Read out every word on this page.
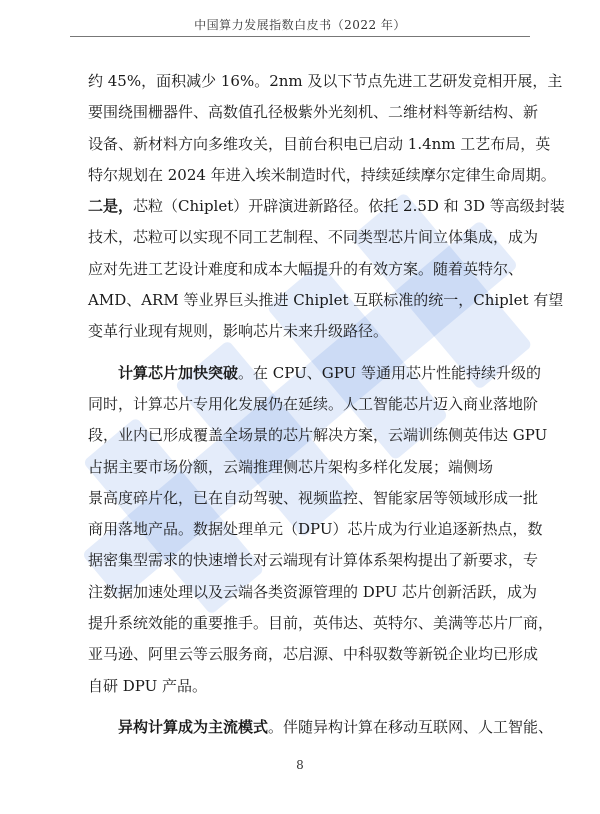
中国算力发展指数白皮书（2022 年）

约 45%，面积减少 16%。2nm 及以下节点先进工艺研发竞相开展，主
要围绕围栅器件、高数值孔径极紫外光刻机、二维材料等新结构、新
设备、新材料方向多维攻关，目前台积电已启动 1.4nm 工艺布局，英
特尔规划在 2024 年进入埃米制造时代，持续延续摩尔定律生命周期。

二是，芯粒（Chiplet）开辟演进新路径。依托 2.5D 和 3D 等高级封装
技术，芯粒可以实现不同工艺制程、不同类型芯片间立体集成，成为
应对先进工艺设计难度和成本大幅提升的有效方案。随着英特尔、
AMD、ARM 等业界巨头推进 Chiplet 互联标准的统一，Chiplet 有望
变革行业现有规则，影响芯片未来升级路径。

计算芯片加快突破。在 CPU、GPU 等通用芯片性能持续升级的
同时，计算芯片专用化发展仍在延续。人工智能芯片迈入商业落地阶
段，业内已形成覆盖全场景的芯片解决方案，云端训练侧英伟达 GPU
占据主要市场份额，云端推理侧芯片架构多样化发展；端侧场
景高度碎片化，已在自动驾驶、视频监控、智能家居等领域形成一批
商用落地产品。数据处理单元（DPU）芯片成为行业追逐新热点，数
据密集型需求的快速增长对云端现有计算体系架构提出了新要求，专
注数据加速处理以及云端各类资源管理的 DPU 芯片创新活跃，成为
提升系统效能的重要推手。目前，英伟达、英特尔、美满等芯片厂商，
亚马逊、阿里云等云服务商，芯启源、中科驭数等新锐企业均已形成
自研 DPU 产品。

异构计算成为主流模式。伴随异构计算在移动互联网、人工智能、

8
